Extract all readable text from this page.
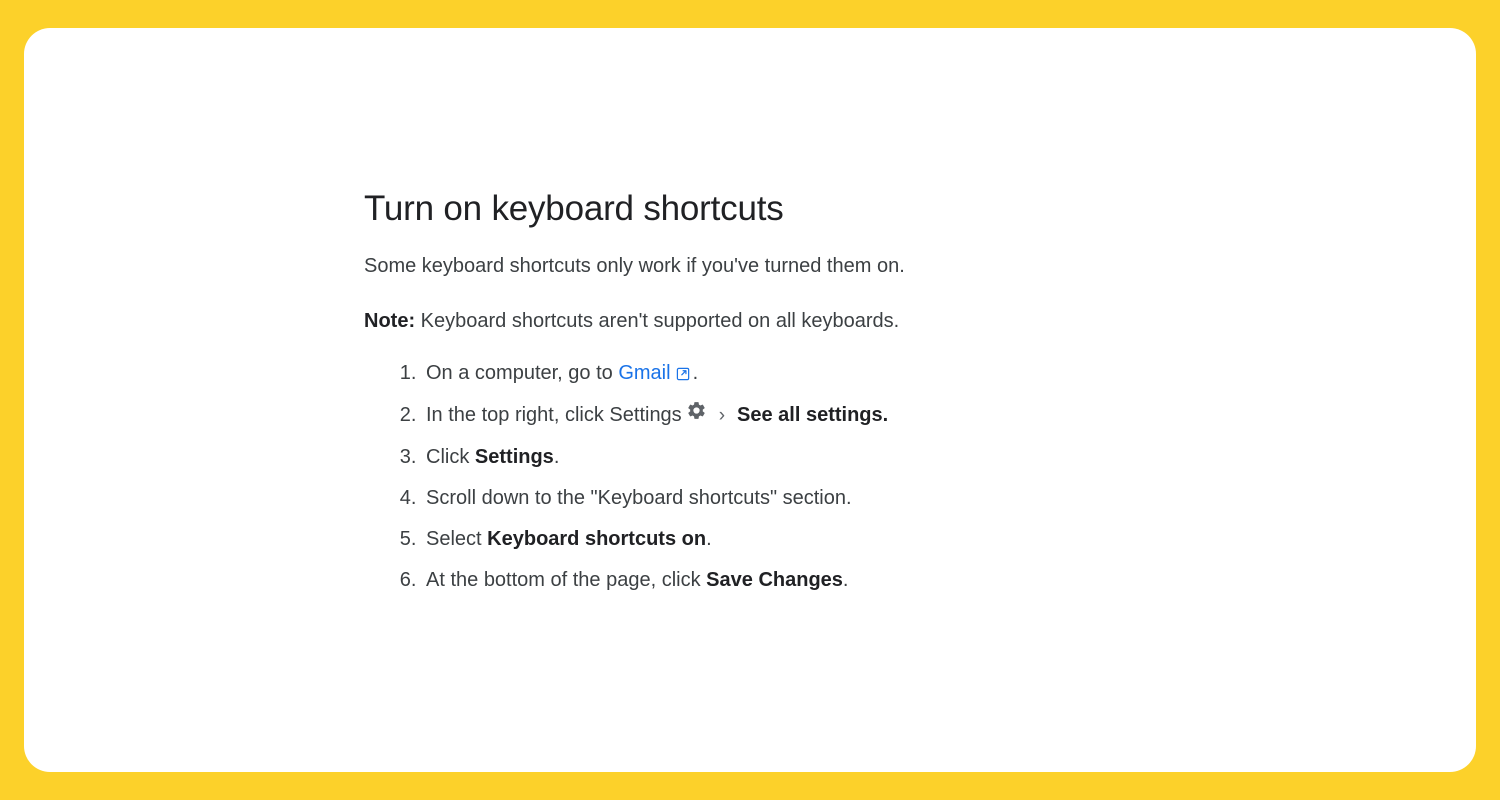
Turn on keyboard shortcuts

Some keyboard shortcuts only work if you've turned them on.

Note: Keyboard shortcuts aren't supported on all keyboards.

1. On a computer, go to Gmail .
2. In the top right, click Settings › See all settings.
3. Click Settings.
4. Scroll down to the "Keyboard shortcuts" section.
5. Select Keyboard shortcuts on.
6. At the bottom of the page, click Save Changes.
